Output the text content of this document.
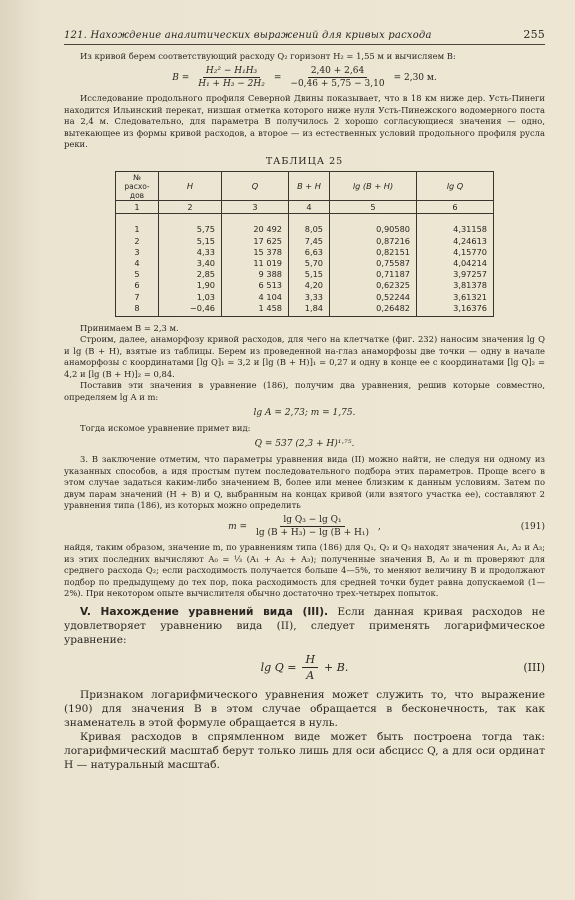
121. Нахождение аналитических выражений для кривых расхода	255

Из кривой берем соответствующий расходу Q₂ горизонт H₂ = 1,55 м и вычисляем B:

$B = \frac{\text{H₂² − H₁H₃}}{\text{H₁ + H₃ − 2H₂}} = \frac{2,40 + 2,64}{-0,46 + 5,75 - 3,10} = 2,30$ м.

Исследование продольного профиля Северной Двины показывает, что в 18 км ниже дер. Усть-Пинеги находится Ильинский перекат, низшая отметка которого ниже нуля Усть-Пинежского водомерного поста на 2,4 м. Следовательно, для параметра B получилось 2 хорошо согласующиеся значения — одно, вытекающее из формы кривой расходов, а второе — из естественных условий продольного профиля русла реки.

ТАБЛИЦА 25
№ расхо-дов	H	Q	B + H	lg (B + H)	lg Q
1	2	3	4	5	6
1	5,75	20 492	8,05	0,90580	4,31158
2	5,15	17 625	7,45	0,87216	4,24613
3	4,33	15 378	6,63	0,82151	4,15770
4	3,40	11 019	5,70	0,75587	4,04214
5	2,85	9 388	5,15	0,71187	3,97257
6	1,90	6 513	4,20	0,62325	3,81378
7	1,03	4 104	3,33	0,52244	3,61321
8	−0,46	1 458	1,84	0,26482	3,16376

Принимаем B = 2,3 м.

Строим, далее, анаморфозу кривой расходов, для чего на клетчатке (фиг. 232) наносим значения lg Q и lg (B + H), взятые из таблицы. Берем из проведенной на-глаз анаморфозы две точки — одну в начале анаморфозы с координатами [lg Q]₁ = 3,2 и [lg (B + H)]₁ = 0,27 и одну в конце ее с координатами [lg Q]₂ = 4,2 и [lg (B + H)]₂ = 0,84.

Поставив эти значения в уравнение (186), получим два уравнения, решив которые совместно, определяем lg A и m:

lg A = 2,73; m = 1,75.

Тогда искомое уравнение примет вид:

Q = 537 (2,3 + H)¹·⁷⁵.

3. В заключение отметим, что параметры уравнения вида (II) можно найти, не следуя ни одному из указанных способов, а идя простым путем последовательного подбора этих параметров. Проще всего в этом случае задаться каким-либо значением B, более или менее близким к данным условиям. Затем по двум парам значений (H + B) и Q, выбранным на концах кривой (или взятого участка ее), составляют 2 уравнения типа (186), из которых можно определить

$m = \frac{\text{lg Q₃ − lg Q₁}}{\text{lg (B + H₃) − lg (B + H₁)}}$ ,	(191)

найдя, таким образом, значение m, по уравнениям типа (186) для Q₁, Q₂ и Q₃ находят значения A₁, A₂ и A₃; из этих последних вычисляют A₀ = ⅓ (A₁ + A₂ + A₃); полученные значения B, A₀ и m проверяют для среднего расхода Q₂; если расходимость получается больше 4—5%, то меняют величину B и продолжают подбор по предыдущему до тех пор, пока расходимость для средней точки будет равна допускаемой (1—2%). При некотором опыте вычислителя обычно достаточно трех-четырех попыток.

V. Нахождение уравнений вида (III). Если данная кривая расходов не удовлетворяет уравнению вида (II), следует применять логарифмическое уравнение:

$\lg Q = \frac{H}{A} + B$.	(III)

Признаком логарифмического уравнения может служить то, что выражение (190) для значения B в этом случае обращается в бесконечность, так как знаменатель в этой формуле обращается в нуль.

Кривая расходов в спрямленном виде может быть построена тогда так: логарифмический масштаб берут только лишь для оси абсцисс Q, а для оси ординат H — натуральный масштаб.
